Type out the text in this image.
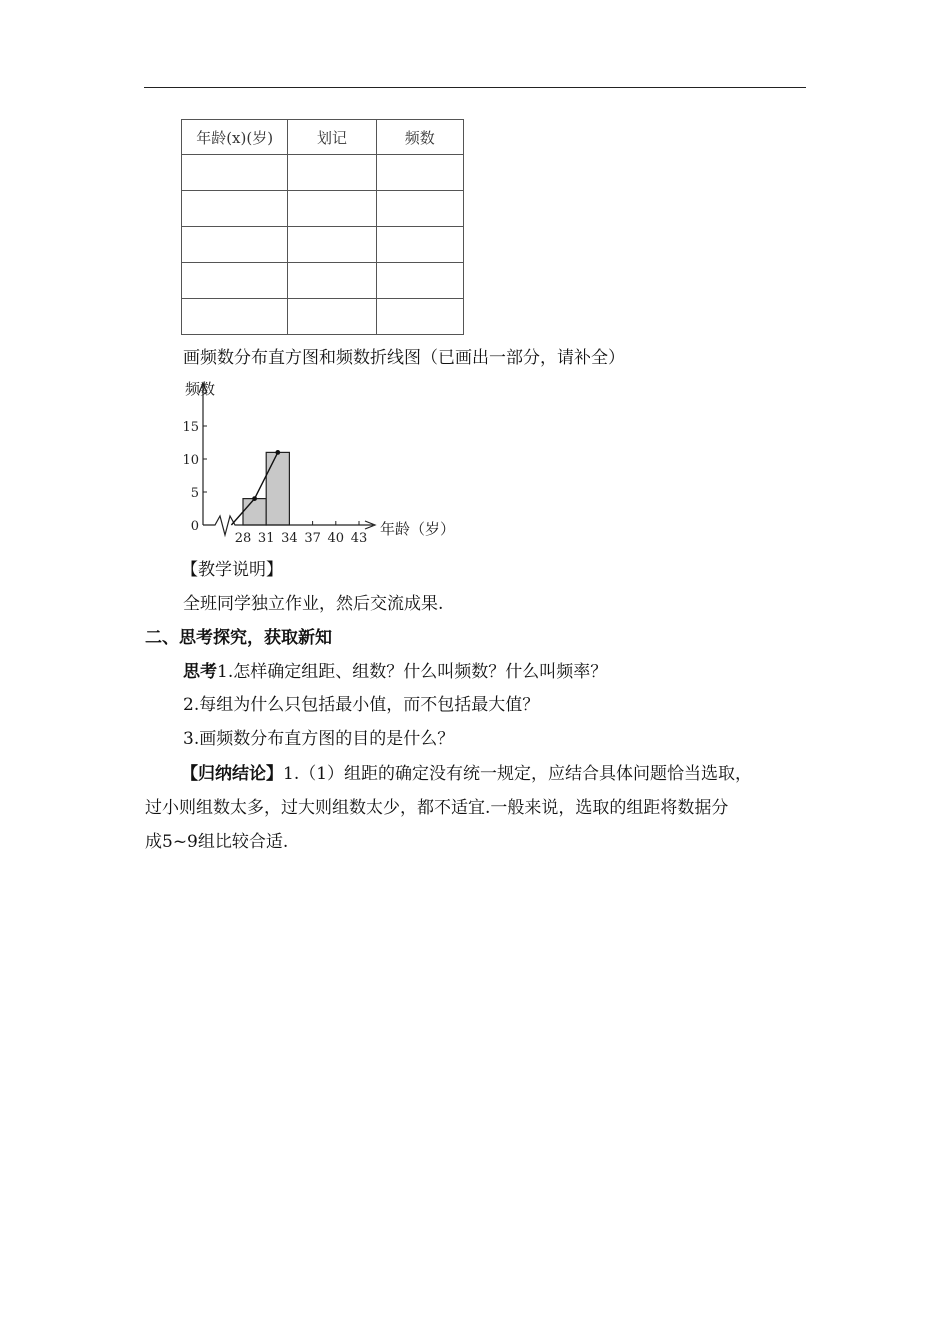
年龄(x)(岁)	划记	频数

画频数分布直方图和频数折线图（已画出一部分，请补全）
频数
年龄（岁）
15
10
5
0
28 31 34 37 40 43
【教学说明】
全班同学独立作业，然后交流成果.
二、思考探究，获取新知
思考1.怎样确定组距、组数？什么叫频数？什么叫频率？
2.每组为什么只包括最小值，而不包括最大值？
3.画频数分布直方图的目的是什么？
【归纳结论】1.（1）组距的确定没有统一规定，应结合具体问题恰当选取，
过小则组数太多，过大则组数太少，都不适宜.一般来说，选取的组距将数据分
成5~9组比较合适.
